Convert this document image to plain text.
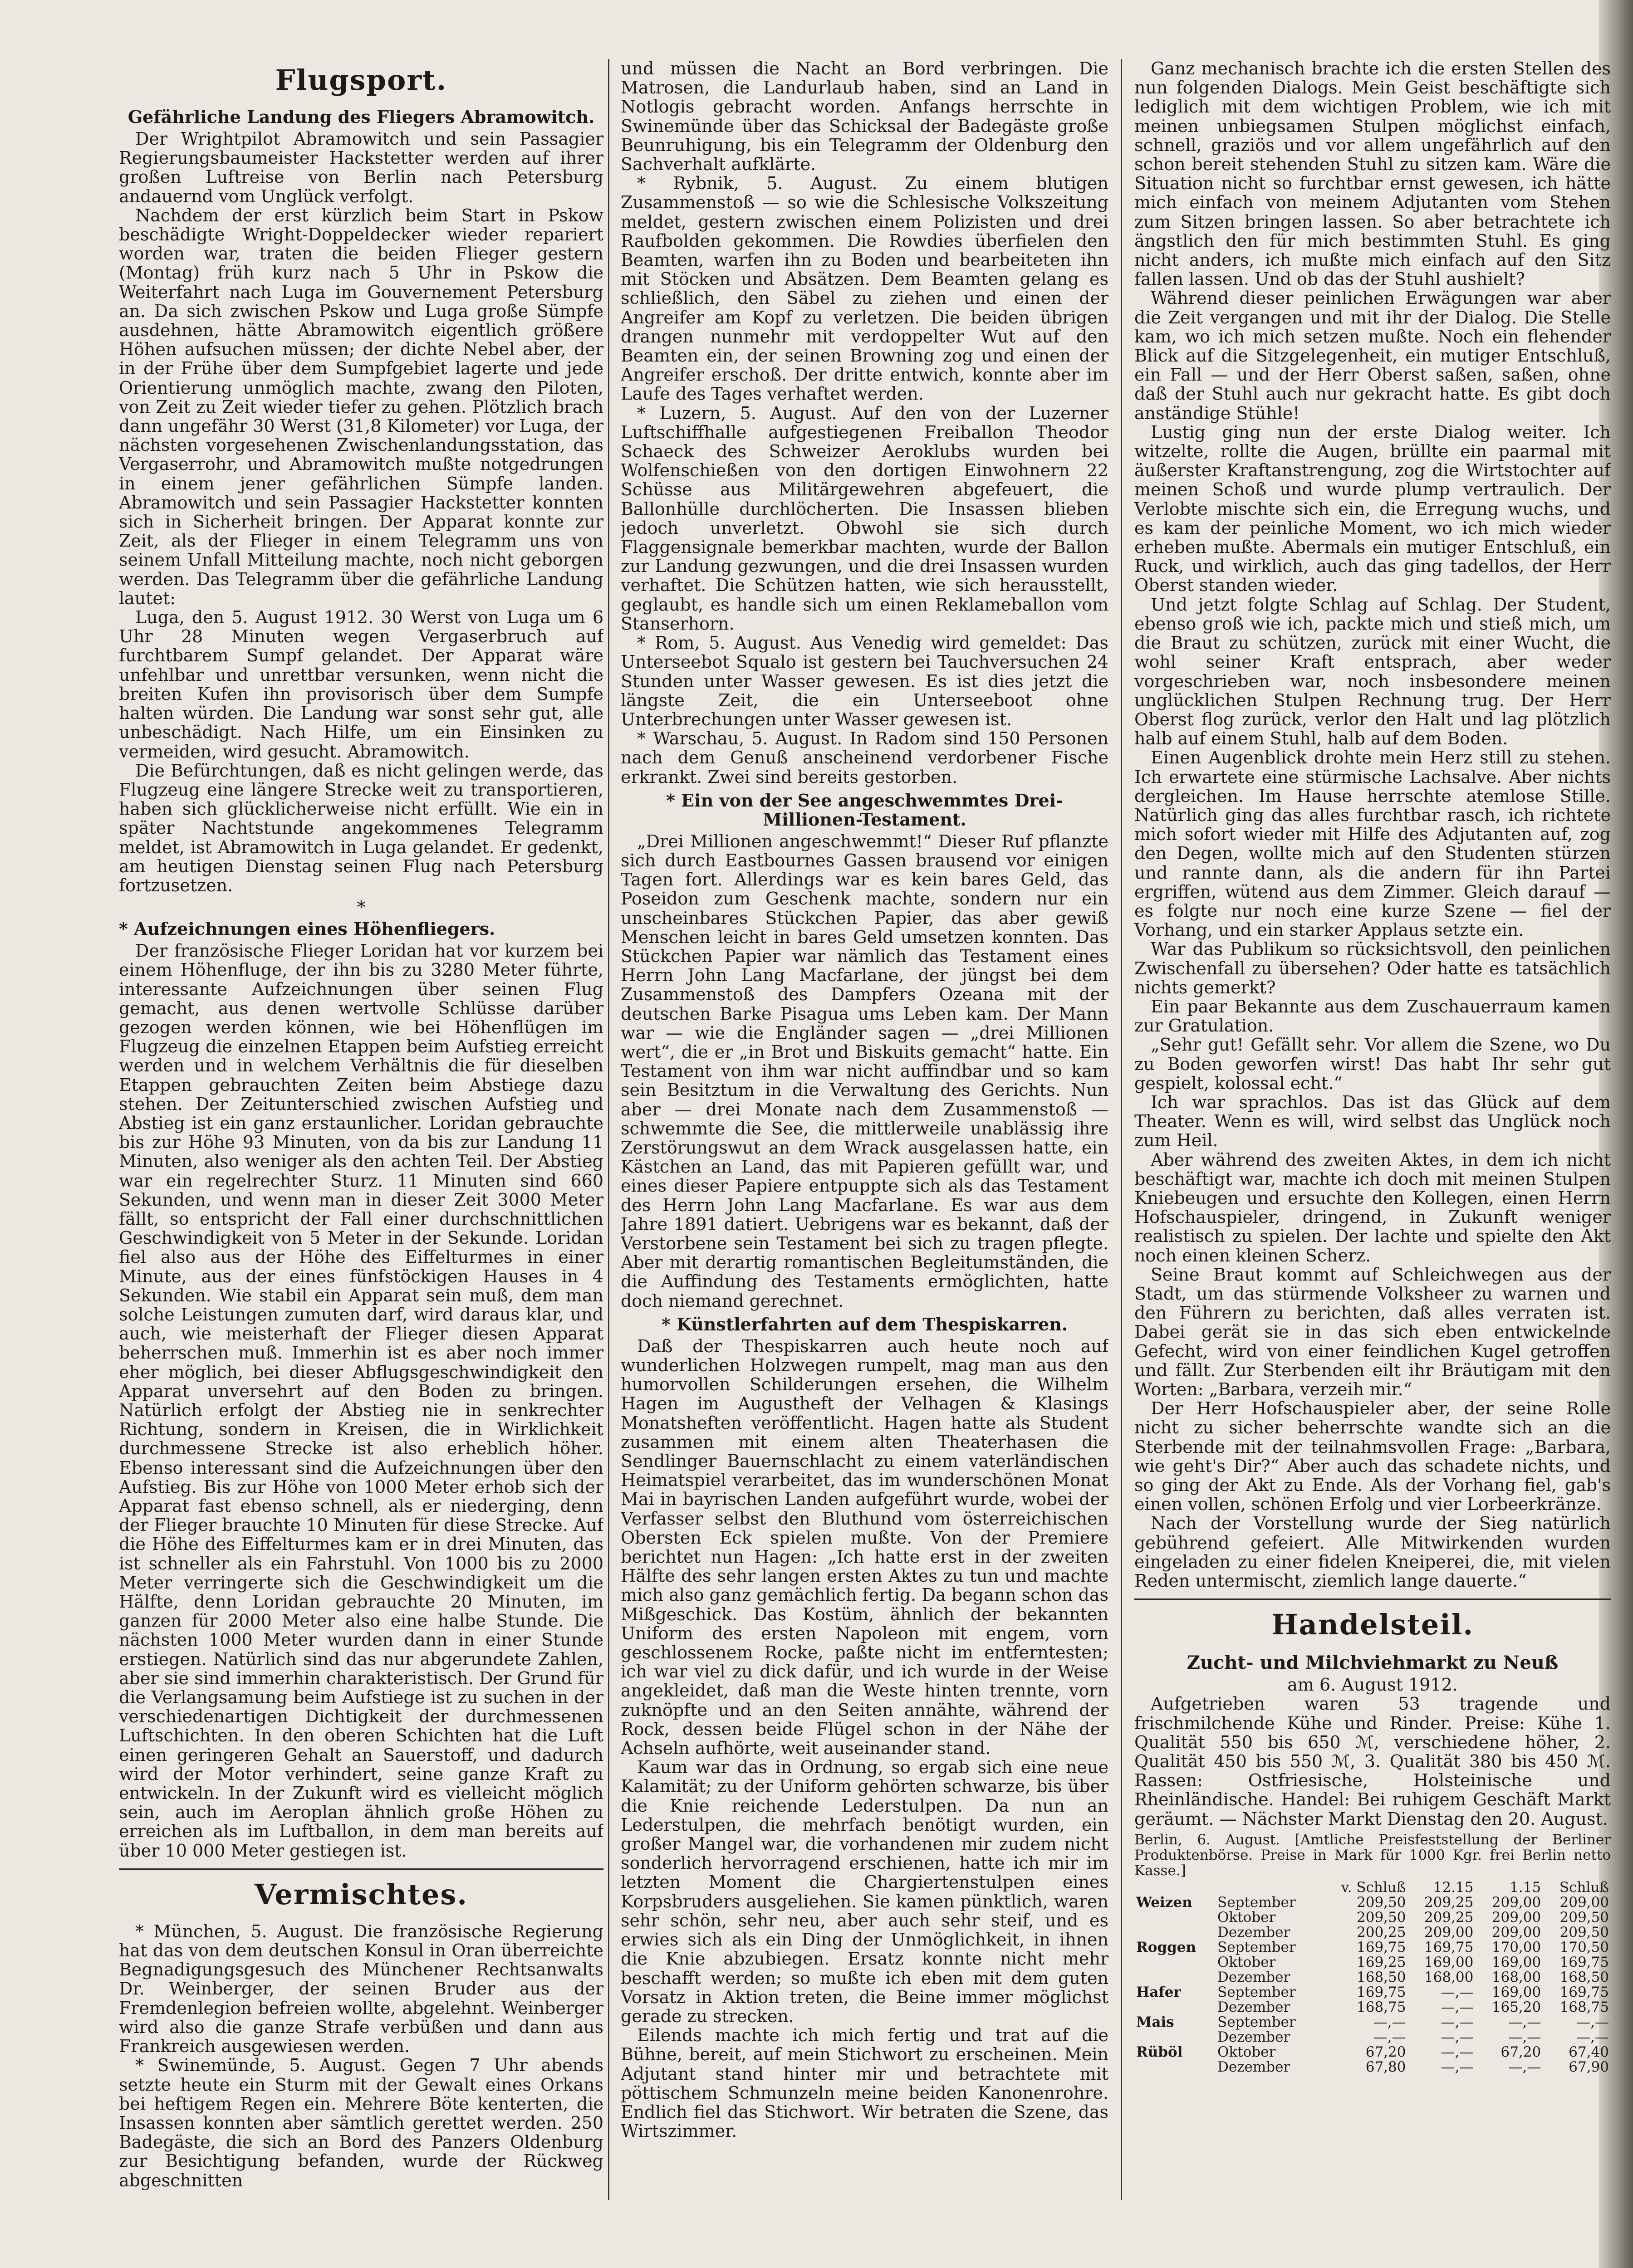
Flugsport.
Gefährliche Landung des Fliegers Abramowitch.

Der Wrightpilot Abramowitch und sein Passagier Regierungsbaumeister Hackstetter werden auf ihrer großen Luftreise von Berlin nach Petersburg andauernd vom Unglück verfolgt.

Nachdem der erst kürzlich beim Start in Pskow beschädigte Wright-Doppeldecker wieder repariert worden war, traten die beiden Flieger gestern (Montag) früh kurz nach 5 Uhr in Pskow die Weiterfahrt nach Luga im Gouvernement Petersburg an. Da sich zwischen Pskow und Luga große Sümpfe ausdehnen, hätte Abramowitch eigentlich größere Höhen aufsuchen müssen; der dichte Nebel aber, der in der Frühe über dem Sumpfgebiet lagerte und jede Orientierung unmöglich machte, zwang den Piloten, von Zeit zu Zeit wieder tiefer zu gehen. Plötzlich brach dann ungefähr 30 Werst (31,8 Kilometer) vor Luga, der nächsten vorgesehenen Zwischenlandungsstation, das Vergaserrohr, und Abramowitch mußte notgedrungen in einem jener gefährlichen Sümpfe landen. Abramowitch und sein Passagier Hackstetter konnten sich in Sicherheit bringen. Der Apparat konnte zur Zeit, als der Flieger in einem Telegramm uns von seinem Unfall Mitteilung machte, noch nicht geborgen werden. Das Telegramm über die gefährliche Landung lautet:

Luga, den 5. August 1912. 30 Werst von Luga um 6 Uhr 28 Minuten wegen Vergaserbruch auf furchtbarem Sumpf gelandet. Der Apparat wäre unfehlbar und unrettbar versunken, wenn nicht die breiten Kufen ihn provisorisch über dem Sumpfe halten würden. Die Landung war sonst sehr gut, alle unbeschädigt. Nach Hilfe, um ein Einsinken zu vermeiden, wird gesucht. Abramowitch.

Die Befürchtungen, daß es nicht gelingen werde, das Flugzeug eine längere Strecke weit zu transportieren, haben sich glücklicherweise nicht erfüllt. Wie ein in später Nachtstunde angekommenes Telegramm meldet, ist Abramowitch in Luga gelandet. Er gedenkt, am heutigen Dienstag seinen Flug nach Petersburg fortzusetzen.

*
* Aufzeichnungen eines Höhenfliegers.

Der französische Flieger Loridan hat vor kurzem bei einem Höhenfluge, der ihn bis zu 3280 Meter führte, interessante Aufzeichnungen über seinen Flug gemacht, aus denen wertvolle Schlüsse darüber gezogen werden können, wie bei Höhenflügen im Flugzeug die einzelnen Etappen beim Aufstieg erreicht werden und in welchem Verhältnis die für dieselben Etappen gebrauchten Zeiten beim Abstiege dazu stehen. Der Zeitunterschied zwischen Aufstieg und Abstieg ist ein ganz erstaunlicher. Loridan gebrauchte bis zur Höhe 93 Minuten, von da bis zur Landung 11 Minuten, also weniger als den achten Teil. Der Abstieg war ein regelrechter Sturz. 11 Minuten sind 660 Sekunden, und wenn man in dieser Zeit 3000 Meter fällt, so entspricht der Fall einer durchschnittlichen Geschwindigkeit von 5 Meter in der Sekunde. Loridan fiel also aus der Höhe des Eiffelturmes in einer Minute, aus der eines fünfstöckigen Hauses in 4 Sekunden. Wie stabil ein Apparat sein muß, dem man solche Leistungen zumuten darf, wird daraus klar, und auch, wie meisterhaft der Flieger diesen Apparat beherrschen muß. Immerhin ist es aber noch immer eher möglich, bei dieser Abflugsgeschwindigkeit den Apparat unversehrt auf den Boden zu bringen. Natürlich erfolgt der Abstieg nie in senkrechter Richtung, sondern in Kreisen, die in Wirklichkeit durchmessene Strecke ist also erheblich höher. Ebenso interessant sind die Aufzeichnungen über den Aufstieg. Bis zur Höhe von 1000 Meter erhob sich der Apparat fast ebenso schnell, als er niederging, denn der Flieger brauchte 10 Minuten für diese Strecke. Auf die Höhe des Eiffelturmes kam er in drei Minuten, das ist schneller als ein Fahrstuhl. Von 1000 bis zu 2000 Meter verringerte sich die Geschwindigkeit um die Hälfte, denn Loridan gebrauchte 20 Minuten, im ganzen für 2000 Meter also eine halbe Stunde. Die nächsten 1000 Meter wurden dann in einer Stunde erstiegen. Natürlich sind das nur abgerundete Zahlen, aber sie sind immerhin charakteristisch. Der Grund für die Verlangsamung beim Aufstiege ist zu suchen in der verschiedenartigen Dichtigkeit der durchmessenen Luftschichten. In den oberen Schichten hat die Luft einen geringeren Gehalt an Sauerstoff, und dadurch wird der Motor verhindert, seine ganze Kraft zu entwickeln. In der Zukunft wird es vielleicht möglich sein, auch im Aeroplan ähnlich große Höhen zu erreichen als im Luftballon, in dem man bereits auf über 10 000 Meter gestiegen ist.

Vermischtes.

* München, 5. August. Die französische Regierung hat das von dem deutschen Konsul in Oran überreichte Begnadigungsgesuch des Münchener Rechtsanwalts Dr. Weinberger, der seinen Bruder aus der Fremdenlegion befreien wollte, abgelehnt. Weinberger wird also die ganze Strafe verbüßen und dann aus Frankreich ausgewiesen werden.

* Swinemünde, 5. August. Gegen 7 Uhr abends setzte heute ein Sturm mit der Gewalt eines Orkans bei heftigem Regen ein. Mehrere Böte kenterten, die Insassen konnten aber sämtlich gerettet werden. 250 Badegäste, die sich an Bord des Panzers Oldenburg zur Besichtigung befanden, wurde der Rückweg abgeschnitten

und müssen die Nacht an Bord verbringen. Die Matrosen, die Landurlaub haben, sind an Land in Notlogis gebracht worden. Anfangs herrschte in Swinemünde über das Schicksal der Badegäste große Beunruhigung, bis ein Telegramm der Oldenburg den Sachverhalt aufklärte.

* Rybnik, 5. August. Zu einem blutigen Zusammenstoß — so wie die Schlesische Volkszeitung meldet, gestern zwischen einem Polizisten und drei Raufbolden gekommen. Die Rowdies überfielen den Beamten, warfen ihn zu Boden und bearbeiteten ihn mit Stöcken und Absätzen. Dem Beamten gelang es schließlich, den Säbel zu ziehen und einen der Angreifer am Kopf zu verletzen. Die beiden übrigen drangen nunmehr mit verdoppelter Wut auf den Beamten ein, der seinen Browning zog und einen der Angreifer erschoß. Der dritte entwich, konnte aber im Laufe des Tages verhaftet werden.

* Luzern, 5. August. Auf den von der Luzerner Luftschiffhalle aufgestiegenen Freiballon Theodor Schaeck des Schweizer Aeroklubs wurden bei Wolfenschießen von den dortigen Einwohnern 22 Schüsse aus Militärgewehren abgefeuert, die Ballonhülle durchlöcherten. Die Insassen blieben jedoch unverletzt. Obwohl sie sich durch Flaggensignale bemerkbar machten, wurde der Ballon zur Landung gezwungen, und die drei Insassen wurden verhaftet. Die Schützen hatten, wie sich herausstellt, geglaubt, es handle sich um einen Reklameballon vom Stanserhorn.

* Rom, 5. August. Aus Venedig wird gemeldet: Das Unterseebot Squalo ist gestern bei Tauchversuchen 24 Stunden unter Wasser gewesen. Es ist dies jetzt die längste Zeit, die ein Unterseeboot ohne Unterbrechungen unter Wasser gewesen ist.

* Warschau, 5. August. In Radom sind 150 Personen nach dem Genuß anscheinend verdorbener Fische erkrankt. Zwei sind bereits gestorben.

* Ein von der See angeschwemmtes Drei-Millionen-Testament.

„Drei Millionen angeschwemmt!“ Dieser Ruf pflanzte sich durch Eastbournes Gassen brausend vor einigen Tagen fort. Allerdings war es kein bares Geld, das Poseidon zum Geschenk machte, sondern nur ein unscheinbares Stückchen Papier, das aber gewiß Menschen leicht in bares Geld umsetzen konnten. Das Stückchen Papier war nämlich das Testament eines Herrn John Lang Macfarlane, der jüngst bei dem Zusammenstoß des Dampfers Ozeana mit der deutschen Barke Pisagua ums Leben kam. Der Mann war — wie die Engländer sagen — „drei Millionen wert“, die er „in Brot und Biskuits gemacht“ hatte. Ein Testament von ihm war nicht auffindbar und so kam sein Besitztum in die Verwaltung des Gerichts. Nun aber — drei Monate nach dem Zusammenstoß — schwemmte die See, die mittlerweile unablässig ihre Zerstörungswut an dem Wrack ausgelassen hatte, ein Kästchen an Land, das mit Papieren gefüllt war, und eines dieser Papiere entpuppte sich als das Testament des Herrn John Lang Macfarlane. Es war aus dem Jahre 1891 datiert. Uebrigens war es bekannt, daß der Verstorbene sein Testament bei sich zu tragen pflegte. Aber mit derartig romantischen Begleitumständen, die die Auffindung des Testaments ermöglichten, hatte doch niemand gerechnet.

* Künstlerfahrten auf dem Thespiskarren.

Daß der Thespiskarren auch heute noch auf wunderlichen Holzwegen rumpelt, mag man aus den humorvollen Schilderungen ersehen, die Wilhelm Hagen im Augustheft der Velhagen & Klasings Monatsheften veröffentlicht. Hagen hatte als Student zusammen mit einem alten Theaterhasen die Sendlinger Bauernschlacht zu einem vaterländischen Heimatspiel verarbeitet, das im wunderschönen Monat Mai in bayrischen Landen aufgeführt wurde, wobei der Verfasser selbst den Bluthund vom österreichischen Obersten Eck spielen mußte. Von der Premiere berichtet nun Hagen: „Ich hatte erst in der zweiten Hälfte des sehr langen ersten Aktes zu tun und machte mich also ganz gemächlich fertig. Da begann schon das Mißgeschick. Das Kostüm, ähnlich der bekannten Uniform des ersten Napoleon mit engem, vorn geschlossenem Rocke, paßte nicht im entferntesten; ich war viel zu dick dafür, und ich wurde in der Weise angekleidet, daß man die Weste hinten trennte, vorn zuknöpfte und an den Seiten annähte, während der Rock, dessen beide Flügel schon in der Nähe der Achseln aufhörte, weit auseinander stand.

Kaum war das in Ordnung, so ergab sich eine neue Kalamität; zu der Uniform gehörten schwarze, bis über die Knie reichende Lederstulpen. Da nun an Lederstulpen, die mehrfach benötigt wurden, ein großer Mangel war, die vorhandenen mir zudem nicht sonderlich hervorragend erschienen, hatte ich mir im letzten Moment die Chargiertenstulpen eines Korpsbruders ausgeliehen. Sie kamen pünktlich, waren sehr schön, sehr neu, aber auch sehr steif, und es erwies sich als ein Ding der Unmöglichkeit, in ihnen die Knie abzubiegen. Ersatz konnte nicht mehr beschafft werden; so mußte ich eben mit dem guten Vorsatz in Aktion treten, die Beine immer möglichst gerade zu strecken.

Eilends machte ich mich fertig und trat auf die Bühne, bereit, auf mein Stichwort zu erscheinen. Mein Adjutant stand hinter mir und betrachtete mit pöttischem Schmunzeln meine beiden Kanonenrohre. Endlich fiel das Stichwort. Wir betraten die Szene, das Wirtszimmer.

Ganz mechanisch brachte ich die ersten Stellen des nun folgenden Dialogs. Mein Geist beschäftigte sich lediglich mit dem wichtigen Problem, wie ich mit meinen unbiegsamen Stulpen möglichst einfach, schnell, graziös und vor allem ungefährlich auf den schon bereit stehenden Stuhl zu sitzen kam. Wäre die Situation nicht so furchtbar ernst gewesen, ich hätte mich einfach von meinem Adjutanten vom Stehen zum Sitzen bringen lassen. So aber betrachtete ich ängstlich den für mich bestimmten Stuhl. Es ging nicht anders, ich mußte mich einfach auf den Sitz fallen lassen. Und ob das der Stuhl aushielt?

Während dieser peinlichen Erwägungen war aber die Zeit vergangen und mit ihr der Dialog. Die Stelle kam, wo ich mich setzen mußte. Noch ein flehender Blick auf die Sitzgelegenheit, ein mutiger Entschluß, ein Fall — und der Herr Oberst saßen, saßen, ohne daß der Stuhl auch nur gekracht hatte. Es gibt doch anständige Stühle!

Lustig ging nun der erste Dialog weiter. Ich witzelte, rollte die Augen, brüllte ein paarmal mit äußerster Kraftanstrengung, zog die Wirtstochter auf meinen Schoß und wurde plump vertraulich. Der Verlobte mischte sich ein, die Erregung wuchs, und es kam der peinliche Moment, wo ich mich wieder erheben mußte. Abermals ein mutiger Entschluß, ein Ruck, und wirklich, auch das ging tadellos, der Herr Oberst standen wieder.

Und jetzt folgte Schlag auf Schlag. Der Student, ebenso groß wie ich, packte mich und stieß mich, um die Braut zu schützen, zurück mit einer Wucht, die wohl seiner Kraft entsprach, aber weder vorgeschrieben war, noch insbesondere meinen unglücklichen Stulpen Rechnung trug. Der Herr Oberst flog zurück, verlor den Halt und lag plötzlich halb auf einem Stuhl, halb auf dem Boden.

Einen Augenblick drohte mein Herz still zu stehen. Ich erwartete eine stürmische Lachsalve. Aber nichts dergleichen. Im Hause herrschte atemlose Stille. Natürlich ging das alles furchtbar rasch, ich richtete mich sofort wieder mit Hilfe des Adjutanten auf, zog den Degen, wollte mich auf den Studenten stürzen und rannte dann, als die andern für ihn Partei ergriffen, wütend aus dem Zimmer. Gleich darauf — es folgte nur noch eine kurze Szene — fiel der Vorhang, und ein starker Applaus setzte ein.

War das Publikum so rücksichtsvoll, den peinlichen Zwischenfall zu übersehen? Oder hatte es tatsächlich nichts gemerkt?

Ein paar Bekannte aus dem Zuschauerraum kamen zur Gratulation.

„Sehr gut! Gefällt sehr. Vor allem die Szene, wo Du zu Boden geworfen wirst! Das habt Ihr sehr gut gespielt, kolossal echt.“

Ich war sprachlos. Das ist das Glück auf dem Theater. Wenn es will, wird selbst das Unglück noch zum Heil.

Aber während des zweiten Aktes, in dem ich nicht beschäftigt war, machte ich doch mit meinen Stulpen Kniebeugen und ersuchte den Kollegen, einen Herrn Hofschauspieler, dringend, in Zukunft weniger realistisch zu spielen. Der lachte und spielte den Akt noch einen kleinen Scherz.

Seine Braut kommt auf Schleichwegen aus der Stadt, um das stürmende Volksheer zu warnen und den Führern zu berichten, daß alles verraten ist. Dabei gerät sie in das sich eben entwickelnde Gefecht, wird von einer feindlichen Kugel getroffen und fällt. Zur Sterbenden eilt ihr Bräutigam mit den Worten: „Barbara, verzeih mir.“

Der Herr Hofschauspieler aber, der seine Rolle nicht zu sicher beherrschte wandte sich an die Sterbende mit der teilnahmsvollen Frage: „Barbara, wie geht's Dir?“ Aber auch das schadete nichts, und so ging der Akt zu Ende. Als der Vorhang fiel, gab's einen vollen, schönen Erfolg und vier Lorbeerkränze.

Nach der Vorstellung wurde der Sieg natürlich gebührend gefeiert. Alle Mitwirkenden wurden eingeladen zu einer fidelen Kneiperei, die, mit vielen Reden untermischt, ziemlich lange dauerte.“

Handelsteil.
Zucht- und Milchviehmarkt zu Neuß
am 6. August 1912.

Aufgetrieben waren 53 tragende und frischmilchende Kühe und Rinder. Preise: Kühe 1. Qualität 550 bis 650 ℳ, verschiedene höher, 2. Qualität 450 bis 550 ℳ, 3. Qualität 380 bis 450 ℳ. Rassen: Ostfriesische, Holsteinische und Rheinländische. Handel: Bei ruhigem Geschäft Markt geräumt. — Nächster Markt Dienstag den 20. August.

Berlin, 6. August. [Amtliche Preisfeststellung der Berliner Produktenbörse. Preise in Mark für 1000 Kgr. frei Berlin netto Kasse.]
		v. Schluß	12.15	1.15	Schluß
Weizen	September	209,50	209,25	209,00	209,00
	Oktober	209,50	209,25	209,00	209,50
	Dezember	200,25	209,00	209,00	209,50
Roggen	September	169,75	169,75	170,00	170,50
	Oktober	169,25	169,00	169,00	169,75
	Dezember	168,50	168,00	168,00	168,50
Hafer	September	169,75	—,—	169,00	169,75
	Dezember	168,75	—,—	165,20	168,75
Mais	September	—,—	—,—	—,—	—,—
	Dezember	—,—	—,—	—,—	—,—
Rüböl	Oktober	67,20	—,—	67,20	67,40
	Dezember	67,80	—,—	—,—	67,90
